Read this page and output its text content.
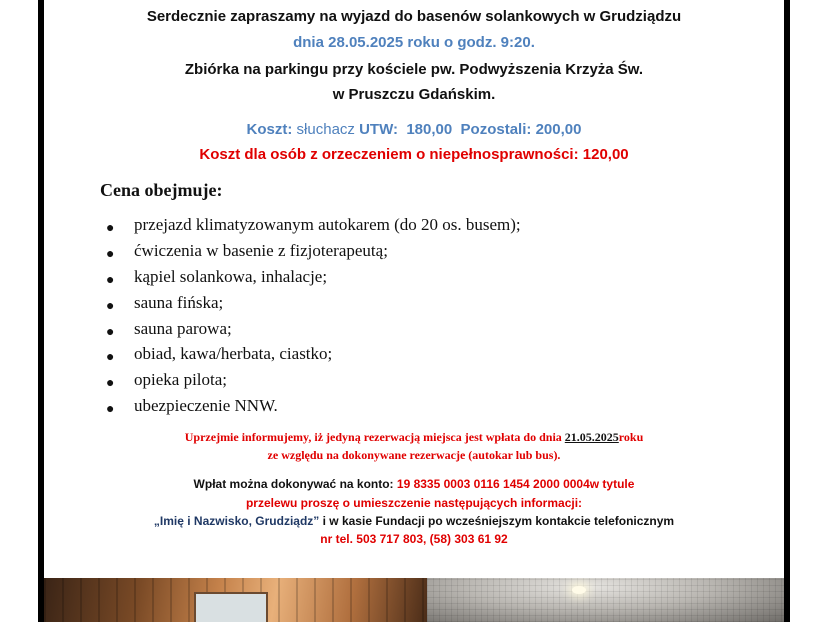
Serdecznie zapraszamy na wyjazd do basenów solankowych w Grudziądzu
dnia 28.05.2025 roku o godz. 9:20.
Zbiórka na parkingu przy kościele pw. Podwyższenia Krzyża Św.
w Pruszczu Gdańskim.
Koszt: słuchacz UTW: 180,00 Pozostali: 200,00
Koszt dla osób z orzeczeniem o niepełnosprawności: 120,00
Cena obejmuje:
● przejazd klimatyzowanym autokarem (do 20 os. busem);
● ćwiczenia w basenie z fizjoterapeutą;
● kąpiel solankowa, inhalacje;
● sauna fińska;
● sauna parowa;
● obiad, kawa/herbata, ciastko;
● opieka pilota;
● ubezpieczenie NNW.
Uprzejmie informujemy, iż jedyną rezerwacją miejsca jest wpłata do dnia 21.05.2025roku
ze względu na dokonywane rezerwacje (autokar lub bus).
Wpłat można dokonywać na konto: 19 8335 0003 0116 1454 2000 0004w tytule
przelewu proszę o umieszczenie następujących informacji:
„Imię i Nazwisko, Grudziądz” i w kasie Fundacji po wcześniejszym kontakcie telefonicznym
nr tel. 503 717 803, (58) 303 61 92
